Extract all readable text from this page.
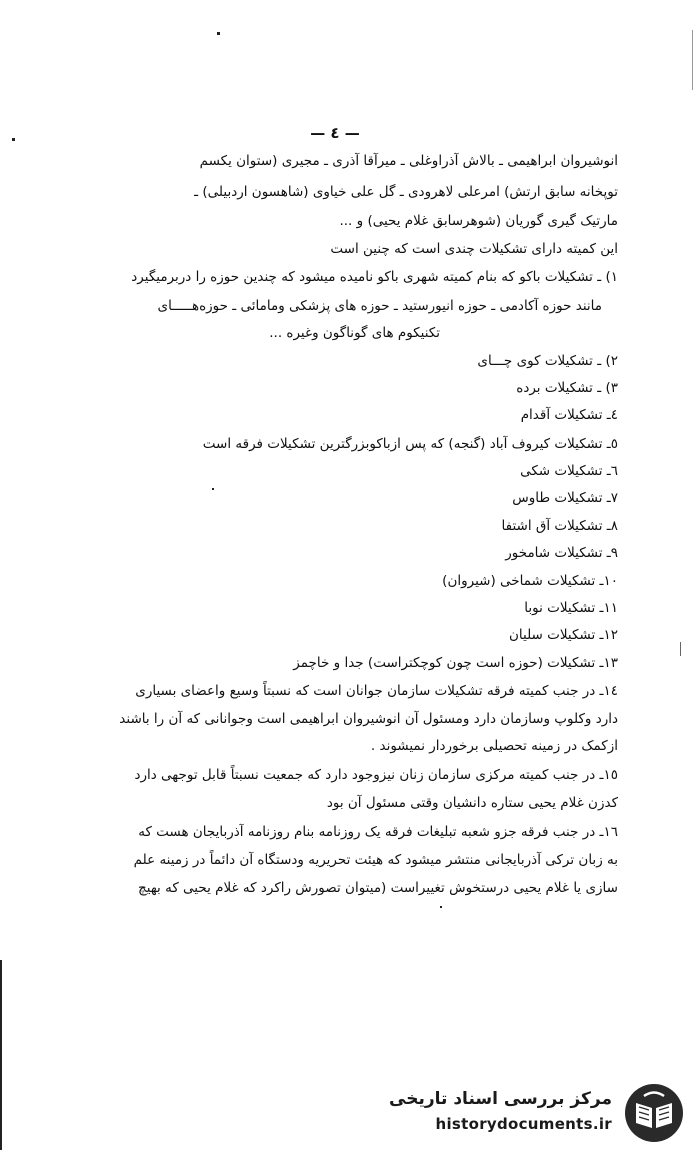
— ٤ —
انوشیروان ابراهیمی ـ بالاش آذراوغلی ـ میرآقا آذری ـ مجیری (ستوان یکسم
توپخانه سابق ارتش) امرعلی لاهرودی ـ گل علی خیاوی (شاهسون اردبیلی) ـ
مارتیک گیری گوریان (شوهرسابق غلام یحیی) و ...
این کمیته دارای تشکیلات چندی است که چنین است
۱) ـ تشکیلات باکو که بنام کمیته شهری باکو نامیده میشود که چندین حوزه را دربرمیگیرد
مانند حوزه آکادمی ـ حوزه انیورستید ـ حوزه های پزشکی ومامائی ـ حوزه‌هـــــای
تکنیکوم های گوناگون وغیره ...
۲) ـ تشکیلات کوی چـــای
۳) ـ تشکیلات برده
٤ـ تشکیلات آقدام
٥ـ تشکیلات کیروف آباد (گنجه) که پس ازباکوبزرگترین تشکیلات فرقه است
٦ـ تشکیلات شکی
۷ـ تشکیلات طاوس
۸ـ تشکیلات آق اشتفا
۹ـ تشکیلات شامخور
۱۰ـ تشکیلات شماخی (شیروان)
۱۱ـ تشکیلات نوبا
۱۲ـ تشکیلات سلیان
۱۳ـ تشکیلات (حوزه است چون کوچکتراست) جدا و خاچمز
۱٤ـ در جنب کمیته فرقه تشکیلات سازمان جوانان است که نسبتاً وسیع واعضای بسیاری
دارد وکلوپ وسازمان دارد ومسئول آن انوشیروان ابراهیمی است وجوانانی که آن را باشند
ازکمک در زمینه تحصیلی برخوردار نمیشوند .
۱٥ـ در جنب کمیته مرکزی سازمان زنان نیزوجود دارد که جمعیت نسبتاً قابل توجهی دارد
کدزن غلام یحیی ستاره دانشیان وقتی مسئول آن بود
۱٦ـ در جنب فرقه جزو شعبه تبلیغات فرقه یک روزنامه بنام روزنامه آذربایجان هست که
به زبان ترکی آذربایجانی منتشر میشود که هیئت تحریریه ودستگاه آن دائماً در زمینه علم
سازی یا غلام یحیی درستخوش تغییراست (میتوان تصورش راکرد که غلام یحیی که بهیچ
مرکز بررسی اسناد تاریخی
historydocuments.ir
